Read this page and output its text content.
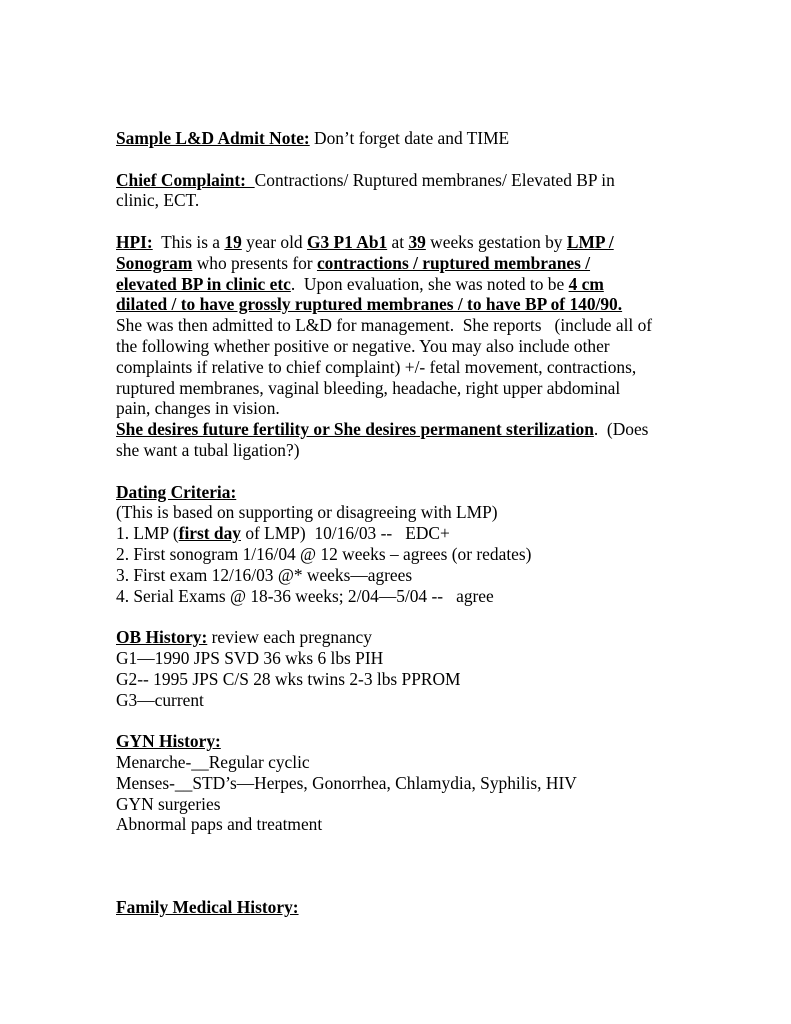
Sample L&D Admit Note: Don’t forget date and TIME
Chief Complaint:  Contractions/ Ruptured membranes/ Elevated BP in
clinic, ECT.
HPI:  This is a 19 year old G3 P1 Ab1 at 39 weeks gestation by LMP /
Sonogram who presents for contractions / ruptured membranes /
elevated BP in clinic etc.  Upon evaluation, she was noted to be 4 cm
dilated / to have grossly ruptured membranes / to have BP of 140/90.
She was then admitted to L&D for management.  She reports   (include all of
the following whether positive or negative. You may also include other
complaints if relative to chief complaint) +/- fetal movement, contractions,
ruptured membranes, vaginal bleeding, headache, right upper abdominal
pain, changes in vision.
She desires future fertility or She desires permanent sterilization.  (Does
she want a tubal ligation?)
Dating Criteria:
(This is based on supporting or disagreeing with LMP)
1. LMP (first day of LMP)  10/16/03 --   EDC+
2. First sonogram 1/16/04 @ 12 weeks – agrees (or redates)
3. First exam 12/16/03 @* weeks—agrees
4. Serial Exams @ 18-36 weeks; 2/04—5/04 --   agree
OB History: review each pregnancy
G1—1990 JPS SVD 36 wks 6 lbs PIH
G2-- 1995 JPS C/S 28 wks twins 2-3 lbs PPROM
G3—current
GYN History:
Menarche-__Regular cyclic
Menses-__STD’s—Herpes, Gonorrhea, Chlamydia, Syphilis, HIV
GYN surgeries
Abnormal paps and treatment
Family Medical History:
